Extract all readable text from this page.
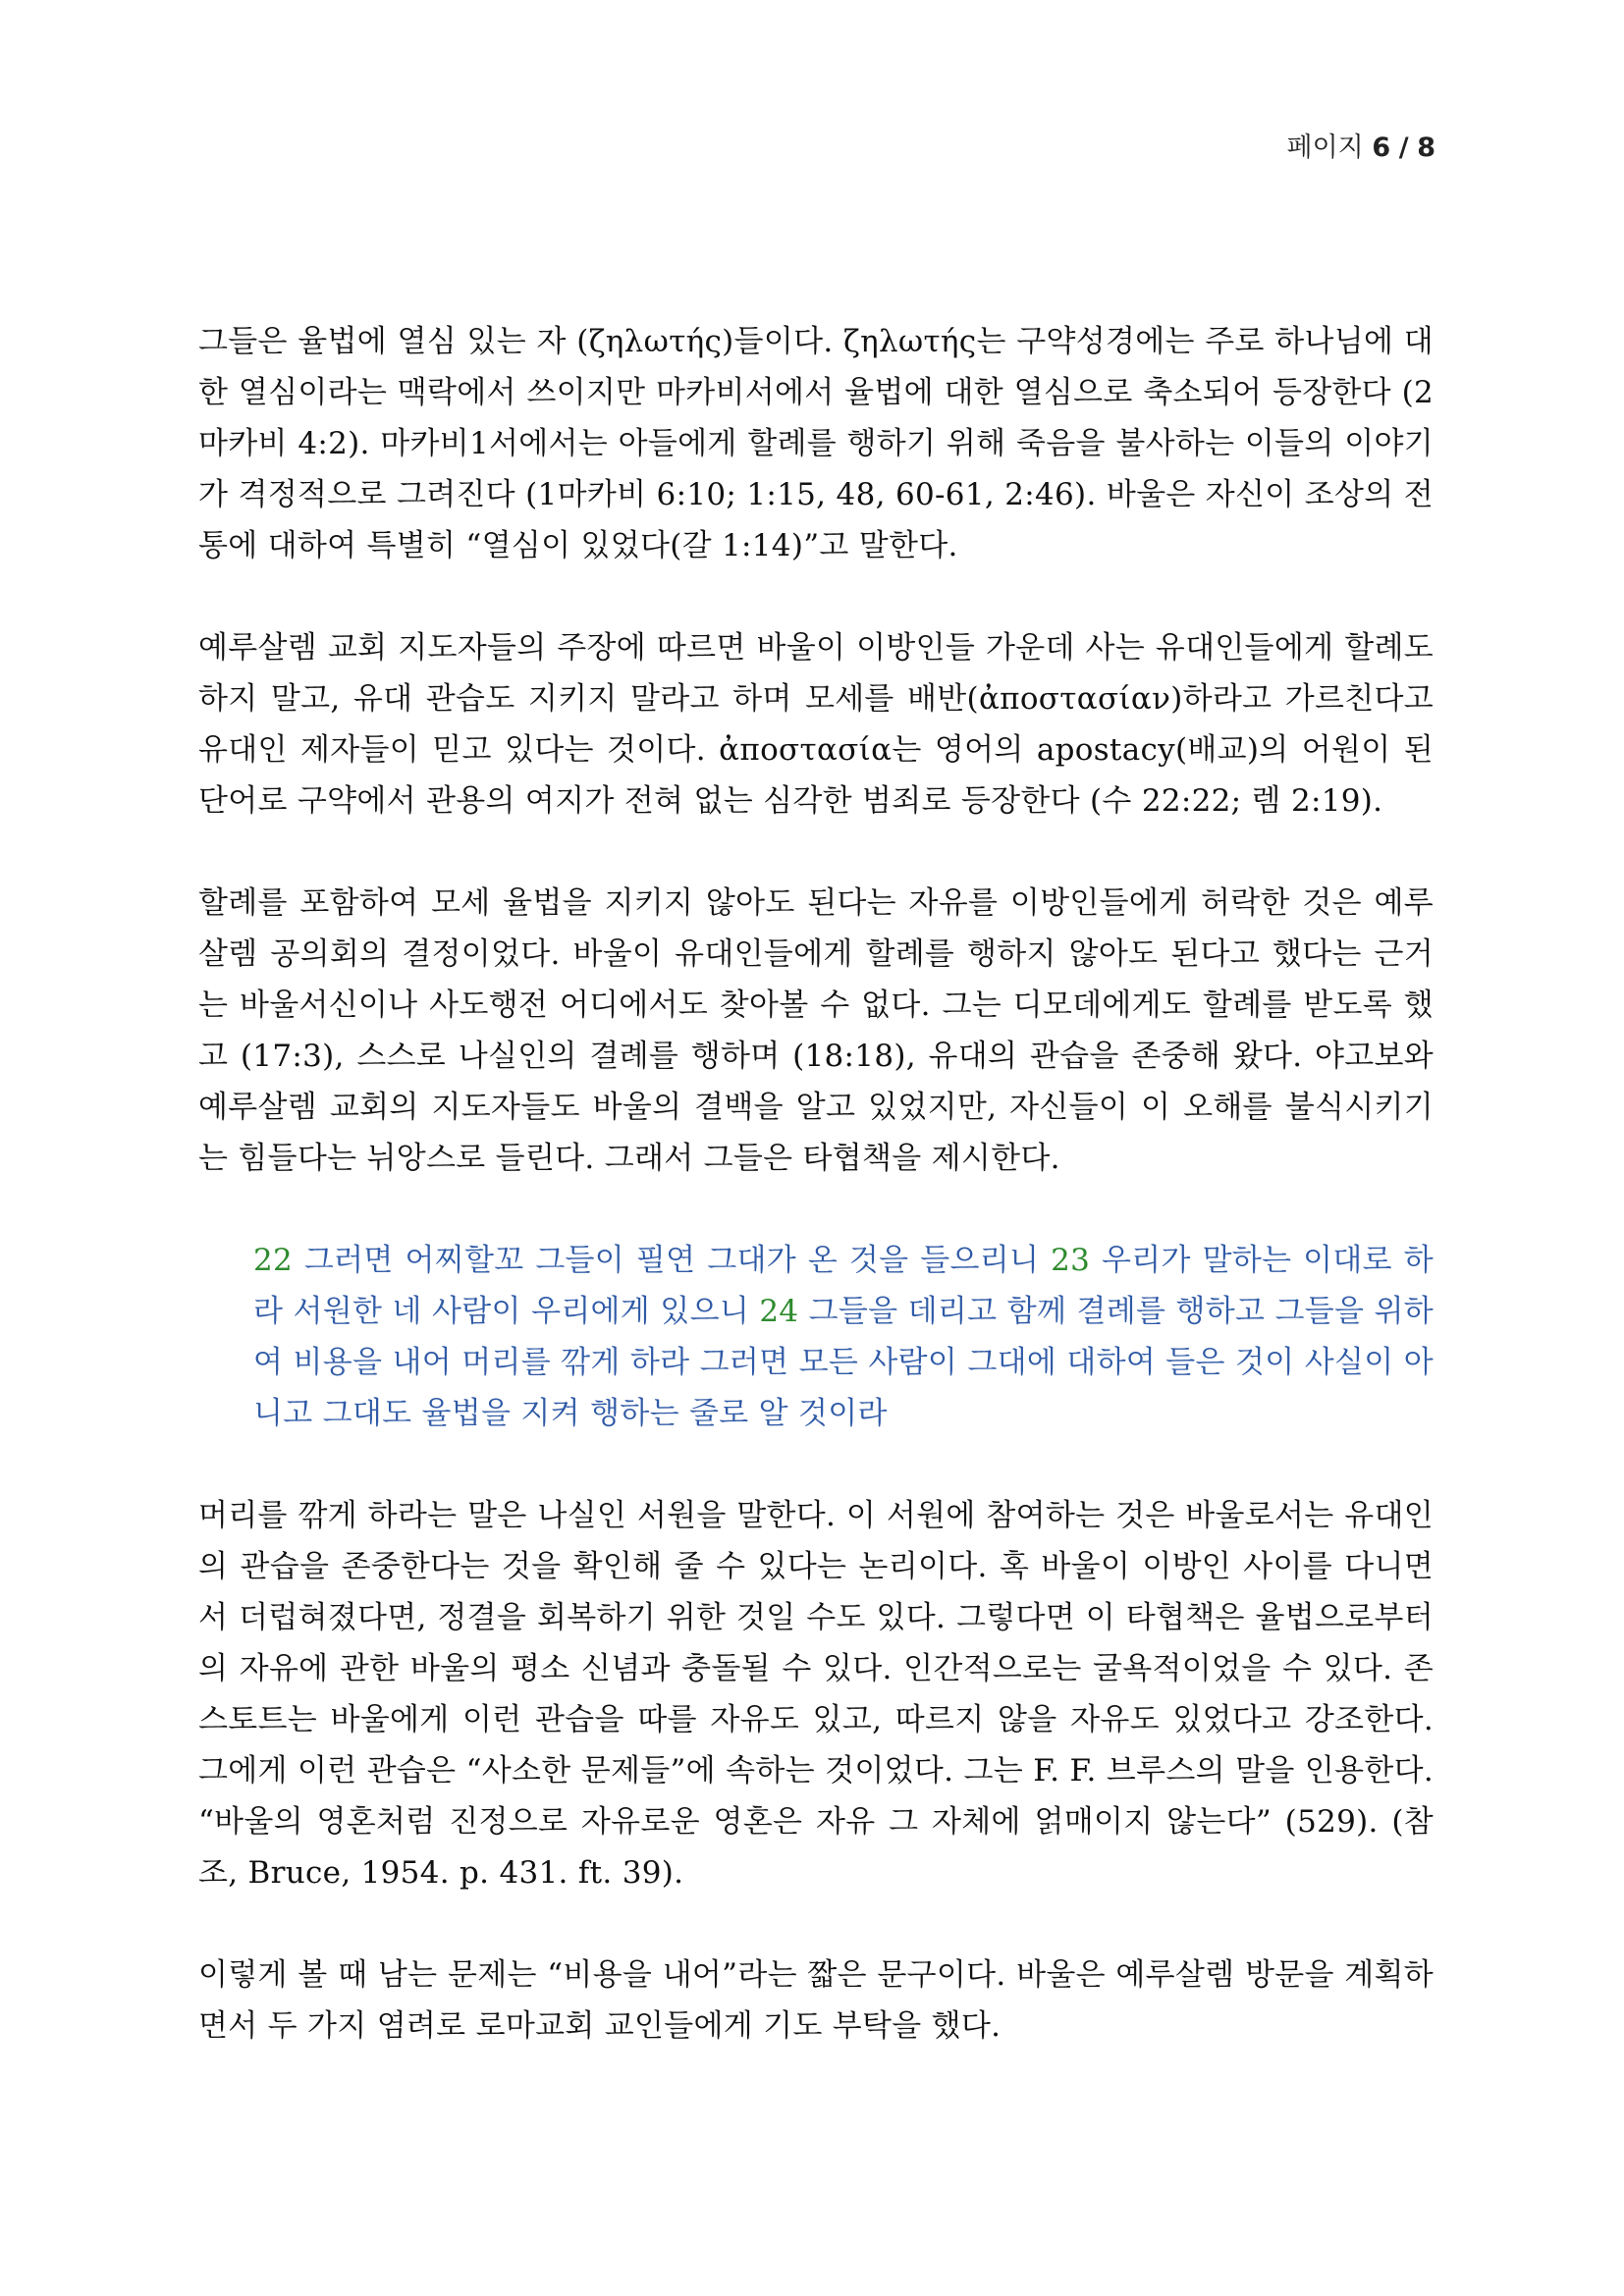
페이지 6 / 8

그들은 율법에 열심 있는 자 (ζηλωτής)들이다. ζηλωτής는 구약성경에는 주로 하나님에 대한 열심이라는 맥락에서 쓰이지만 마카비서에서 율법에 대한 열심으로 축소되어 등장한다 (2마카비 4:2). 마카비1서에서는 아들에게 할례를 행하기 위해 죽음을 불사하는 이들의 이야기가 격정적으로 그려진다 (1마카비 6:10; 1:15, 48, 60-61, 2:46). 바울은 자신이 조상의 전통에 대하여 특별히 “열심이 있었다(갈 1:14)”고 말한다.

예루살렘 교회 지도자들의 주장에 따르면 바울이 이방인들 가운데 사는 유대인들에게 할례도 하지 말고, 유대 관습도 지키지 말라고 하며 모세를 배반(ἀποστασίαν)하라고 가르친다고 유대인 제자들이 믿고 있다는 것이다. ἀποστασία는 영어의 apostacy(배교)의 어원이 된 단어로 구약에서 관용의 여지가 전혀 없는 심각한 범죄로 등장한다 (수 22:22; 렘 2:19).

할례를 포함하여 모세 율법을 지키지 않아도 된다는 자유를 이방인들에게 허락한 것은 예루살렘 공의회의 결정이었다. 바울이 유대인들에게 할례를 행하지 않아도 된다고 했다는 근거는 바울서신이나 사도행전 어디에서도 찾아볼 수 없다. 그는 디모데에게도 할례를 받도록 했고 (17:3), 스스로 나실인의 결례를 행하며 (18:18), 유대의 관습을 존중해 왔다. 야고보와 예루살렘 교회의 지도자들도 바울의 결백을 알고 있었지만, 자신들이 이 오해를 불식시키기는 힘들다는 뉘앙스로 들린다. 그래서 그들은 타협책을 제시한다.

22 그러면 어찌할꼬 그들이 필연 그대가 온 것을 들으리니 23 우리가 말하는 이대로 하라 서원한 네 사람이 우리에게 있으니 24 그들을 데리고 함께 결례를 행하고 그들을 위하여 비용을 내어 머리를 깎게 하라 그러면 모든 사람이 그대에 대하여 들은 것이 사실이 아니고 그대도 율법을 지켜 행하는 줄로 알 것이라

머리를 깎게 하라는 말은 나실인 서원을 말한다. 이 서원에 참여하는 것은 바울로서는 유대인의 관습을 존중한다는 것을 확인해 줄 수 있다는 논리이다. 혹 바울이 이방인 사이를 다니면서 더럽혀졌다면, 정결을 회복하기 위한 것일 수도 있다. 그렇다면 이 타협책은 율법으로부터의 자유에 관한 바울의 평소 신념과 충돌될 수 있다. 인간적으로는 굴욕적이었을 수 있다. 존 스토트는 바울에게 이런 관습을 따를 자유도 있고, 따르지 않을 자유도 있었다고 강조한다. 그에게 이런 관습은 “사소한 문제들”에 속하는 것이었다. 그는 F. F. 브루스의 말을 인용한다. “바울의 영혼처럼 진정으로 자유로운 영혼은 자유 그 자체에 얽매이지 않는다” (529). (참조, Bruce, 1954. p. 431. ft. 39).

이렇게 볼 때 남는 문제는 “비용을 내어”라는 짧은 문구이다. 바울은 예루살렘 방문을 계획하면서 두 가지 염려로 로마교회 교인들에게 기도 부탁을 했다.
